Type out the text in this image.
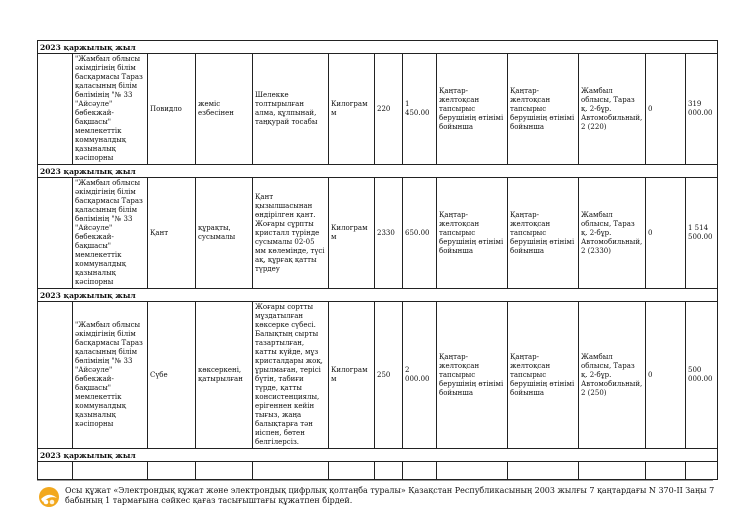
2023 қаржылық жыл												
	"Жамбыл облысы әкімдігінің білім басқармасы Тараз қаласының білім бөлімінің "№ 33 "Айсәуле" бөбекжай-бақшасы" мемлекеттік коммуналдық қазыналық кәсіпорны	Повидло	жеміс езбесінен	Шелекке толтырылған алма, құлпынай, таңқурай тосабы	Килограмм	220	1 450.00	Қаңтар-желтоқсан тапсырыс берушінің өтінімі бойынша	Қаңтар-желтоқсан тапсырыс берушінің өтінімі бойынша	Жамбыл облысы, Тараз қ. 2-бұр. Автомобильный, 2 (220)	0	319 000.00
2023 қаржылық жыл												
	"Жамбыл облысы әкімдігінің білім басқармасы Тараз қаласының білім бөлімінің "№ 33 "Айсәуле" бөбекжай-бақшасы" мемлекеттік коммуналдық қазыналық кәсіпорны	Қант	құрақты, сусымалы	Қант қызылшасынан өндірілген қант. Жоғары сұрпты кристалл түрінде сусымалы 02-05 мм көлемінде, түсі ақ, құрғақ қатты түрдеу	Килограмм	2330	650.00	Қаңтар-желтоқсан тапсырыс берушінің өтінімі бойынша	Қаңтар-желтоқсан тапсырыс берушінің өтінімі бойынша	Жамбыл облысы, Тараз қ. 2-бұр. Автомобильный, 2 (2330)	0	1 514 500.00
2023 қаржылық жыл												
	"Жамбыл облысы әкімдігінің білім басқармасы Тараз қаласының білім бөлімінің "№ 33 "Айсәуле" бөбекжай-бақшасы" мемлекеттік коммуналдық қазыналық кәсіпорны	Сүбе	көксеркені, қатырылған	Жоғары сортты мұздатылған көксерке сүбесі. Балықтың сырты тазартылған, катты күйде, мұз кристалдары жоқ, ұрылмаған, терісі бүтін, табиғи түрде, қатты консистенциялы, ерігеннен кейін тығыз, жаңа балықтарға тән иіспен, бөтен белгілерсіз.	Килограмм	250	2 000.00	Қаңтар-желтоқсан тапсырыс берушінің өтінімі бойынша	Қаңтар-желтоқсан тапсырыс берушінің өтінімі бойынша	Жамбыл облысы, Тараз қ. 2-бұр. Автомобильный, 2 (250)	0	500 000.00
2023 қаржылық жыл												

Осы құжат «Электрондық құжат және электрондық цифрлық қолтаңба туралы» Қазақстан Республикасының 2003 жылғы 7 қаңтардағы N 370-II Заңы 7 бабының 1 тармағына сәйкес қағаз тасығыштағы құжатпен бірдей.
